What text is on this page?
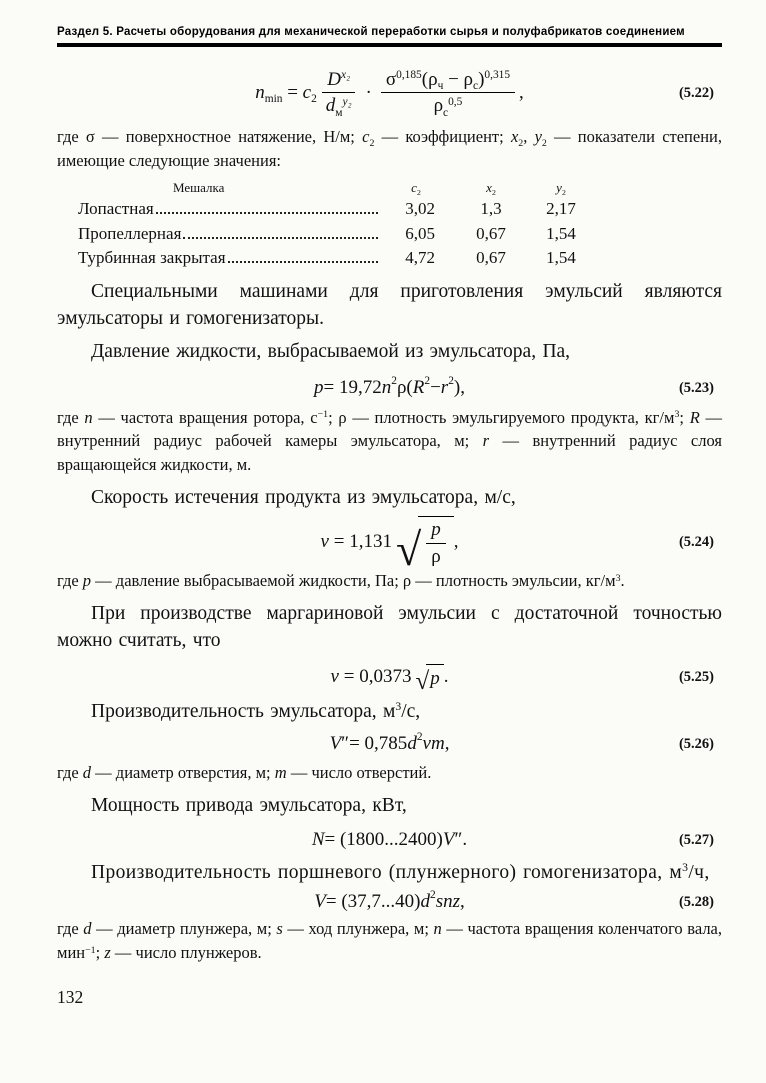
Раздел 5. Расчеты оборудования для механической переработки сырья и полуфабрикатов соединением
$n_{min} = c_2 \frac{D^{x_2}}{d_м^{y_2}} \cdot \frac{\sigma^{0,185}(\rho_ч - \rho_с)^{0,315}}{\rho_с^{0,5}}$ ,	(5.22)

где σ — поверхностное натяжение, Н/м; $c_2$ — коэффициент; $x_2$, $y_2$ — показатели степени, имеющие следующие значения:

Мешалка	$c_2$	$x_2$	$y_2$
Лопастная	3,02	1,3	2,17
Пропеллерная	6,05	0,67	1,54
Турбинная закрытая	4,72	0,67	1,54

Специальными машинами для приготовления эмульсий являются эмульсаторы и гомогенизаторы.

Давление жидкости, выбрасываемой из эмульсатора, Па,

p = 19,72 n 2 ρ( R 2 − r 2 ),	(5.23)

где n — частота вращения ротора, $с^{-1}$; ρ — плотность эмульгируемого продукта, $кг/м^3$; R — внутренний радиус рабочей камеры эмульсатора, м; r — внутренний радиус слоя вращающейся жидкости, м.

Скорость истечения продукта из эмульсатора, м/с,

v = 1,131 √ $\frac{p}{\rho}$ ,	(5.24)

где p — давление выбрасываемой жидкости, Па; ρ — плотность эмульсии, $кг/м^3$.

При производстве маргариновой эмульсии с достаточной точностью можно считать, что

v = 0,0373 √ p .	(5.25)

Производительность эмульсатора, $м^3/с$,

V ″ = 0,785 d 2 v m ,	(5.26)

где d — диаметр отверстия, м; m — число отверстий.

Мощность привода эмульсатора, кВт,

N = (1800...2400) V ″.	(5.27)

Производительность поршневого (плунжерного) гомогенизатора, $м^3/ч$,

V = (37,7...40) d 2 s n z ,	(5.28)

где d — диаметр плунжера, м; s — ход плунжера, м; n — частота вращения коленчатого вала, мин$^{-1}$; z — число плунжеров.

132
